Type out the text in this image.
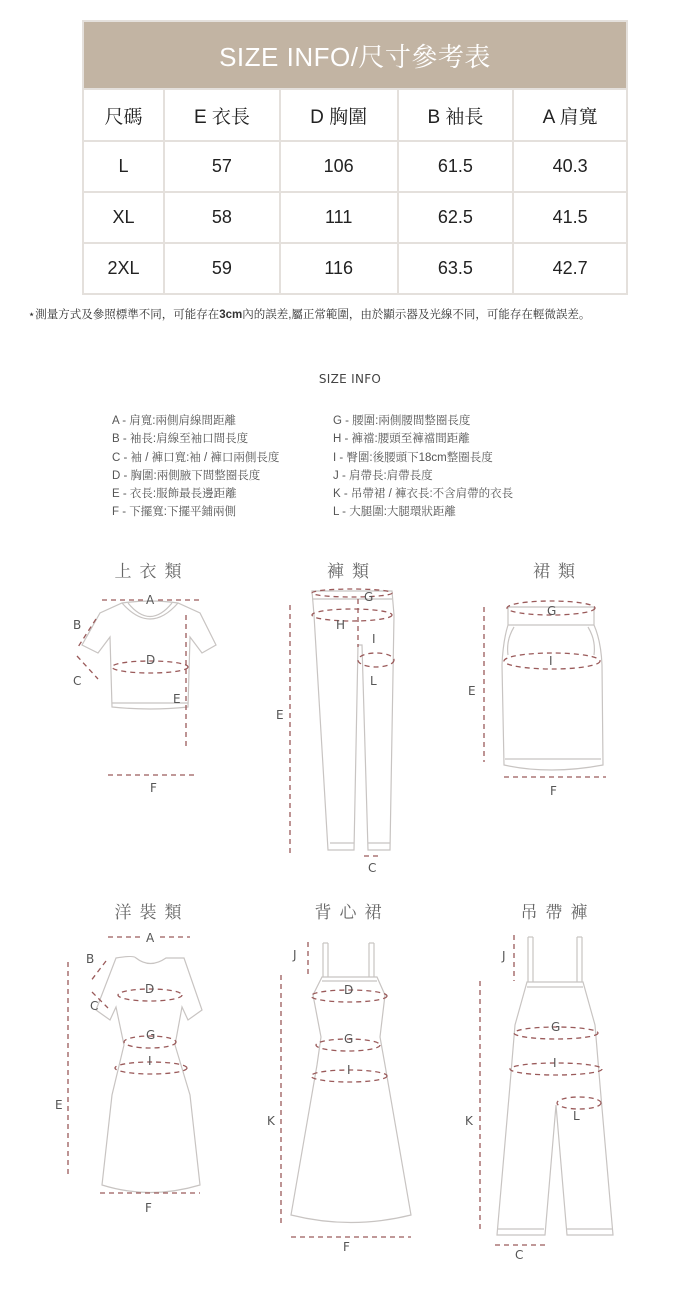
SIZE INFO/尺寸參考表				
尺碼	E 衣長	D 胸圍	B 袖長	A 肩寬
L	57	106	61.5	40.3
XL	58	111	62.5	41.5
2XL	59	116	63.5	42.7
⋆測量方式及參照標準不同，可能存在3cm內的誤差,屬正常範圍，由於顯示器及光線不同，可能存在輕微誤差。
SIZE INFO
A - 肩寬:兩側肩線間距離
B - 袖長:肩線至袖口間長度
C - 袖 / 褲口寬:袖 / 褲口兩側長度
D - 胸圍:兩側腋下間整圈長度
E - 衣長:服飾最長邊距離
F - 下擺寬:下擺平鋪兩側
G - 腰圍:兩側腰間整圈長度
H - 褲襠:腰頭至褲襠間距離
I - 臀圍:後腰頭下18cm整圈長度
J - 肩帶長:肩帶長度
K - 吊帶裙 / 褲衣長:不含肩帶的衣長
L - 大腿圍:大腿環狀距離
上衣類	褲類	裙類
洋裝類	背心裙	吊帶褲
A
B
C
D
E
F
G
H
I
L
E
C
G
I
E
F
A
B
C
D
G
I
E
F
J
D
G
I
K
F
J
G
I
L
K
C
